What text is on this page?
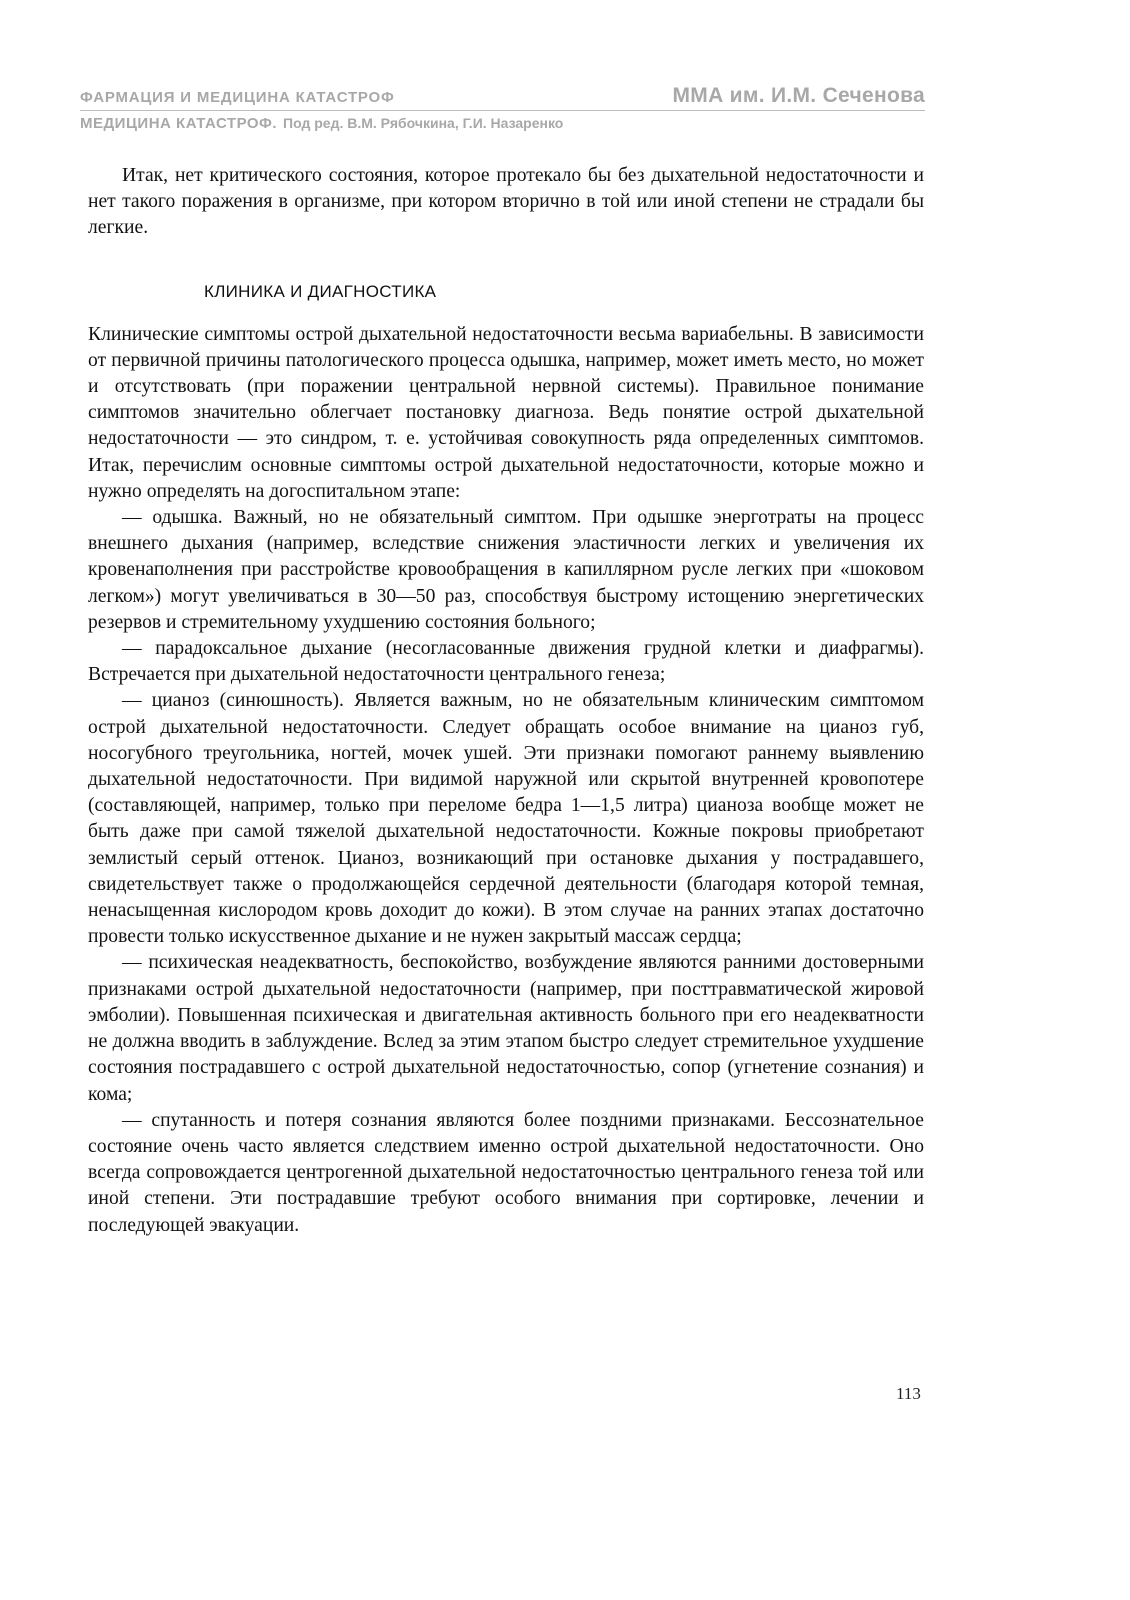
ФАРМАЦИЯ И МЕДИЦИНА КАТАСТРОФ	ММА им. И.М. Сеченова
МЕДИЦИНА КАТАСТРОФ. Под ред. В.М. Рябочкина, Г.И. Назаренко

Итак, нет критического состояния, которое протекало бы без дыхательной недостаточности и нет такого поражения в организме, при котором вторично в той или иной степени не страдали бы легкие.

КЛИНИКА И ДИАГНОСТИКА

Клинические симптомы острой дыхательной недостаточности весьма вариабельны. В зависимости от первичной причины патологического процесса одышка, например, может иметь место, но может и отсутствовать (при поражении центральной нервной системы). Правильное понимание симптомов значительно облегчает постановку диагноза. Ведь понятие острой дыхательной недостаточности — это синдром, т. е. устойчивая совокупность ряда определенных симптомов. Итак, перечислим основные симптомы острой дыхательной недостаточности, которые можно и нужно определять на догоспитальном этапе:

— одышка. Важный, но не обязательный симптом. При одышке энерготраты на процесс внешнего дыхания (например, вследствие снижения эластичности легких и увеличения их кровенаполнения при расстройстве кровообращения в капиллярном русле легких при «шоковом легком») могут увеличиваться в 30—50 раз, способствуя быстрому истощению энергетических резервов и стремительному ухудшению состояния больного;

— парадоксальное дыхание (несогласованные движения грудной клетки и диафрагмы). Встречается при дыхательной недостаточности центрального генеза;

— цианоз (синюшность). Является важным, но не обязательным клиническим симптомом острой дыхательной недостаточности. Следует обращать особое внимание на цианоз губ, носогубного треугольника, ногтей, мочек ушей. Эти признаки помогают раннему выявлению дыхательной недостаточности. При видимой наружной или скрытой внутренней кровопотере (составляющей, например, только при переломе бедра 1—1,5 литра) цианоза вообще может не быть даже при самой тяжелой дыхательной недостаточности. Кожные покровы приобретают землистый серый оттенок. Цианоз, возникающий при остановке дыхания у пострадавшего, свидетельствует также о продолжающейся сердечной деятельности (благодаря которой темная, ненасыщенная кислородом кровь доходит до кожи). В этом случае на ранних этапах достаточно провести только искусственное дыхание и не нужен закрытый массаж сердца;

— психическая неадекватность, беспокойство, возбуждение являются ранними достоверными признаками острой дыхательной недостаточности (например, при посттравматической жировой эмболии). Повышенная психическая и двигательная активность больного при его неадекватности не должна вводить в заблуждение. Вслед за этим этапом быстро следует стремительное ухудшение состояния пострадавшего с острой дыхательной недостаточностью, сопор (угнетение сознания) и кома;

— спутанность и потеря сознания являются более поздними признаками. Бессознательное состояние очень часто является следствием именно острой дыхательной недостаточности. Оно всегда сопровождается центрогенной дыхательной недостаточностью центрального генеза той или иной степени. Эти пострадавшие требуют особого внимания при сортировке, лечении и последующей эвакуации.

113
